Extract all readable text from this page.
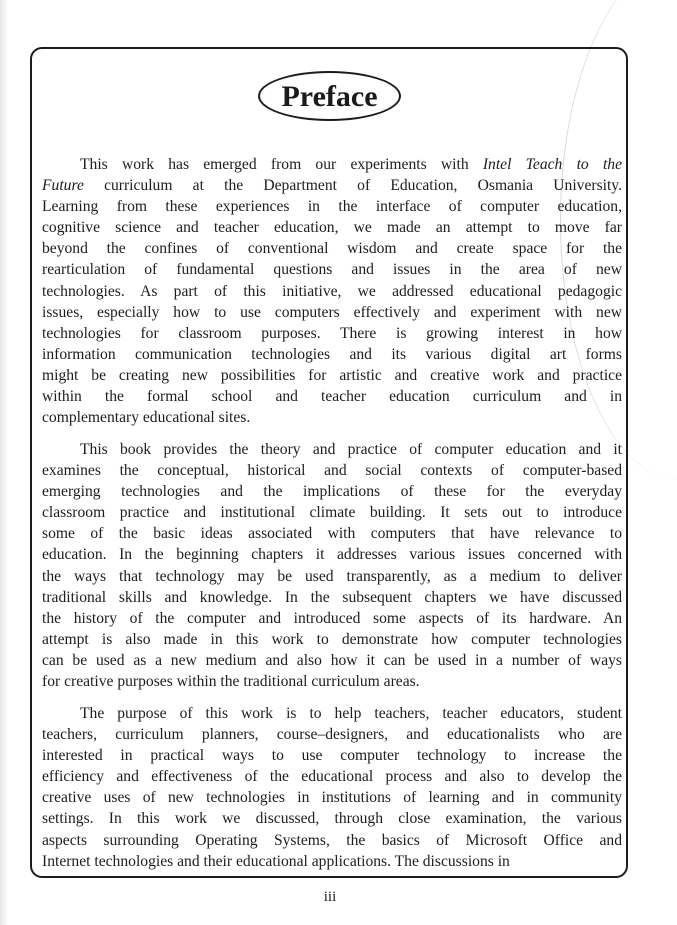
Preface
This work has emerged from our experiments with Intel Teach to the
Future curriculum at the Department of Education, Osmania University.
Learning from these experiences in the interface of computer education,
cognitive science and teacher education, we made an attempt to move far
beyond the confines of conventional wisdom and create space for the
rearticulation of fundamental questions and issues in the area of new
technologies. As part of this initiative, we addressed educational pedagogic
issues, especially how to use computers effectively and experiment with new
technologies for classroom purposes. There is growing interest in how
information communication technologies and its various digital art forms
might be creating new possibilities for artistic and creative work and practice
within the formal school and teacher education curriculum and in
complementary educational sites.
This book provides the theory and practice of computer education and it
examines the conceptual, historical and social contexts of computer-based
emerging technologies and the implications of these for the everyday
classroom practice and institutional climate building. It sets out to introduce
some of the basic ideas associated with computers that have relevance to
education. In the beginning chapters it addresses various issues concerned with
the ways that technology may be used transparently, as a medium to deliver
traditional skills and knowledge. In the subsequent chapters we have discussed
the history of the computer and introduced some aspects of its hardware. An
attempt is also made in this work to demonstrate how computer technologies
can be used as a new medium and also how it can be used in a number of ways
for creative purposes within the traditional curriculum areas.
The purpose of this work is to help teachers, teacher educators, student
teachers, curriculum planners, course–designers, and educationalists who are
interested in practical ways to use computer technology to increase the
efficiency and effectiveness of the educational process and also to develop the
creative uses of new technologies in institutions of learning and in community
settings. In this work we discussed, through close examination, the various
aspects surrounding Operating Systems, the basics of Microsoft Office and
Internet technologies and their educational applications. The discussions in
iii
